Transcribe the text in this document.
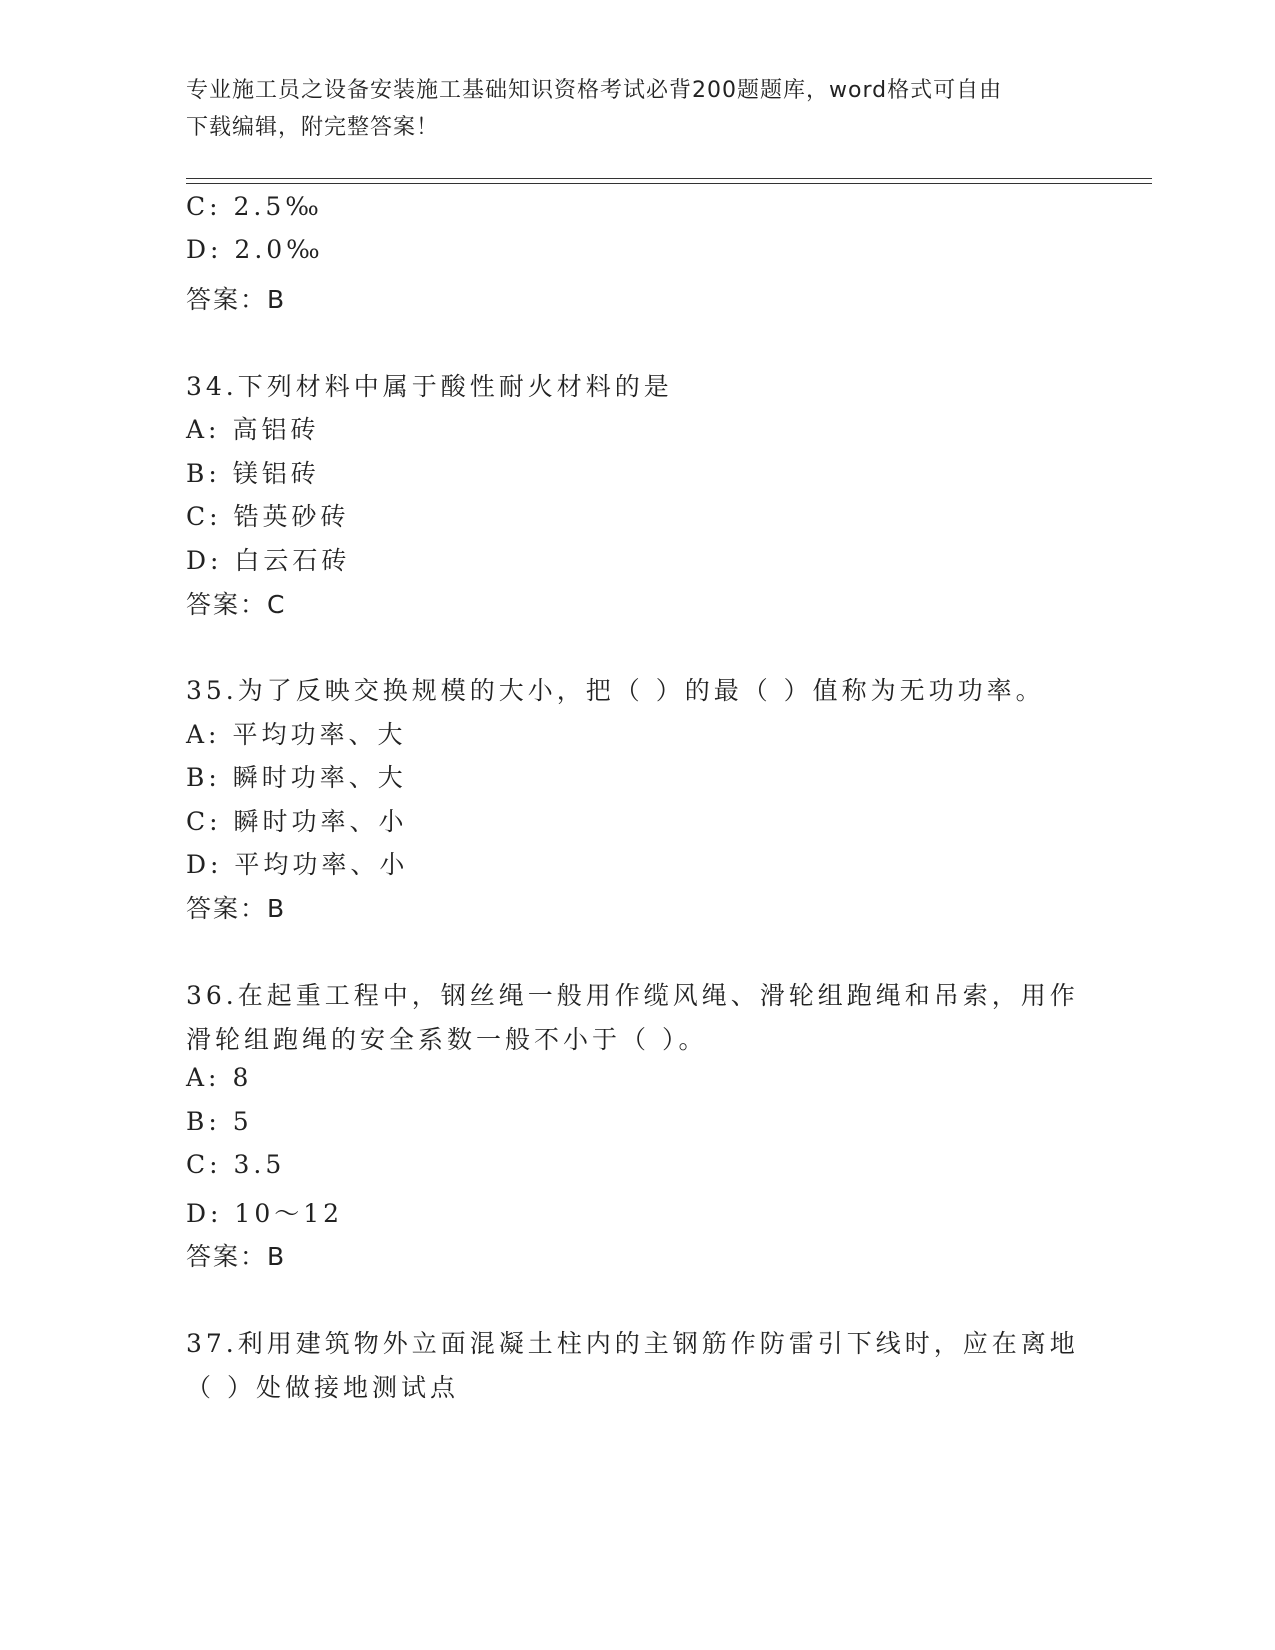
专业施工员之设备安装施工基础知识资格考试必背200题题库，word格式可自由
下载编辑，附完整答案！
C: 2.5‰
D: 2.0‰
答案：B
34.下列材料中属于酸性耐火材料的是
A: 高铝砖
B: 镁铝砖
C: 锆英砂砖
D: 白云石砖
答案：C
35.为了反映交换规模的大小，把（ ）的最（ ）值称为无功功率。
A: 平均功率、大
B: 瞬时功率、大
C: 瞬时功率、小
D: 平均功率、小
答案：B
36.在起重工程中，钢丝绳一般用作缆风绳、滑轮组跑绳和吊索，用作
滑轮组跑绳的安全系数一般不小于（ ）。
A: 8
B: 5
C: 3.5
D: 10～12
答案：B
37.利用建筑物外立面混凝土柱内的主钢筋作防雷引下线时，应在离地
（ ）处做接地测试点
